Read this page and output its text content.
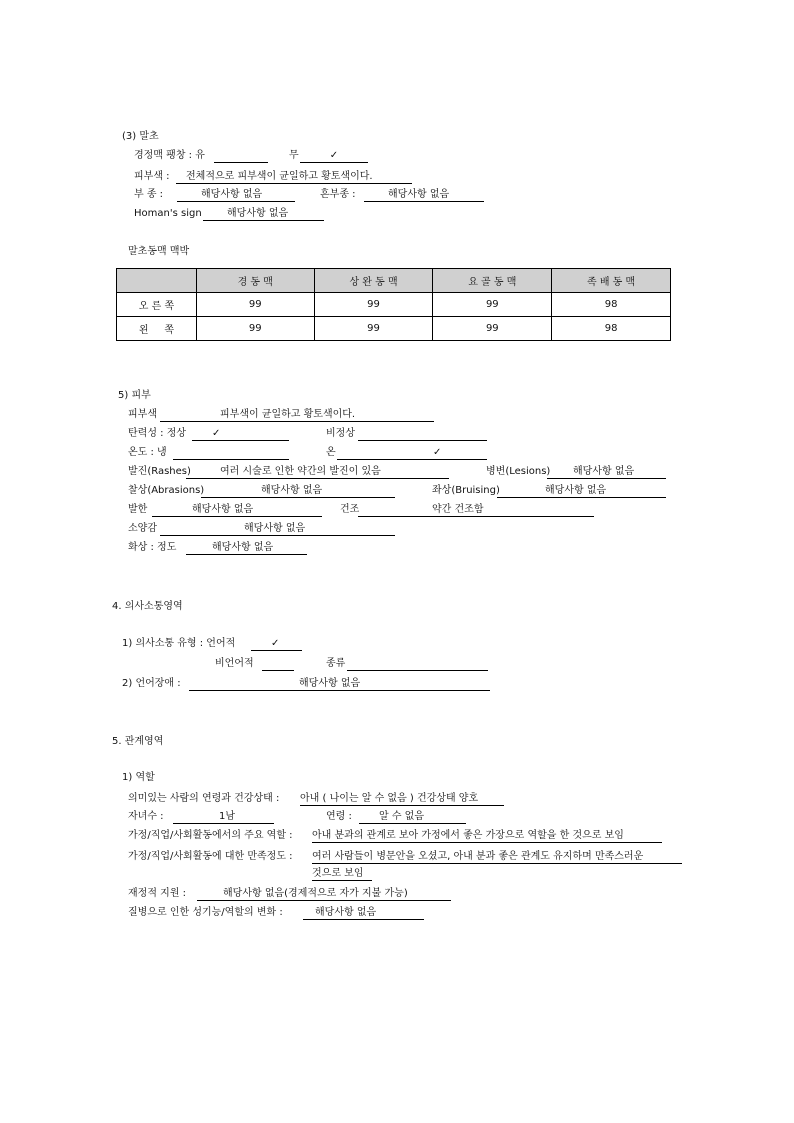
(3) 말초
경정맥 팽창 : 유	무	✓
피부색 : 전체적으로 피부색이 균일하고 황토색이다.
부 종 :	해당사항 없음	흔부종 :	해당사항 없음
Homan's sign	해당사항 없음
말초동맥 맥박
	경 동 맥	상 완 동 맥	요 골 동 맥	족 배 동 맥
오 른 쪽	99	99	99	98
왼     쪽	99	99	99	98
5) 피부
피부색	피부색이 균일하고 황토색이다.
탄력성 : 정상	✓	비정상
온도 : 냉	온	✓
발진(Rashes)	여러 시술로 인한 약간의 발진이 있음	병변(Lesions) 해당사항 없음
찰상(Abrasions)	해당사항 없음	좌상(Bruising)	해당사항 없음
발한	해당사항 없음	건조	약간 건조함
소양감	해당사항 없음
화상 : 정도	해당사항 없음
4. 의사소통영역
1) 의사소통 유형 : 언어적	✓
비언어적	종류
2) 언어장애 :	해당사항 없음
5. 관계영역
1) 역할
의미있는 사람의 연령과 건강상태 : 아내 ( 나이는 알 수 없음 ) 건강상태 양호
자녀수 :	1남	연령 :	알 수 없음
가정/직업/사회활동에서의 주요 역할 : 아내 분과의 관계로 보아 가정에서 좋은 가장으로 역할을 한 것으로 보임
가정/직업/사회활동에 대한 만족정도 : 여러 사람들이 병문안을 오셨고, 아내 분과 좋은 관계도 유지하며 만족스러운
것으로 보임
재정적 지원 :	해당사항 없음(경제적으로 자가 지불 가능)
질병으로 인한 성기능/역할의 변화 :	해당사항 없음
